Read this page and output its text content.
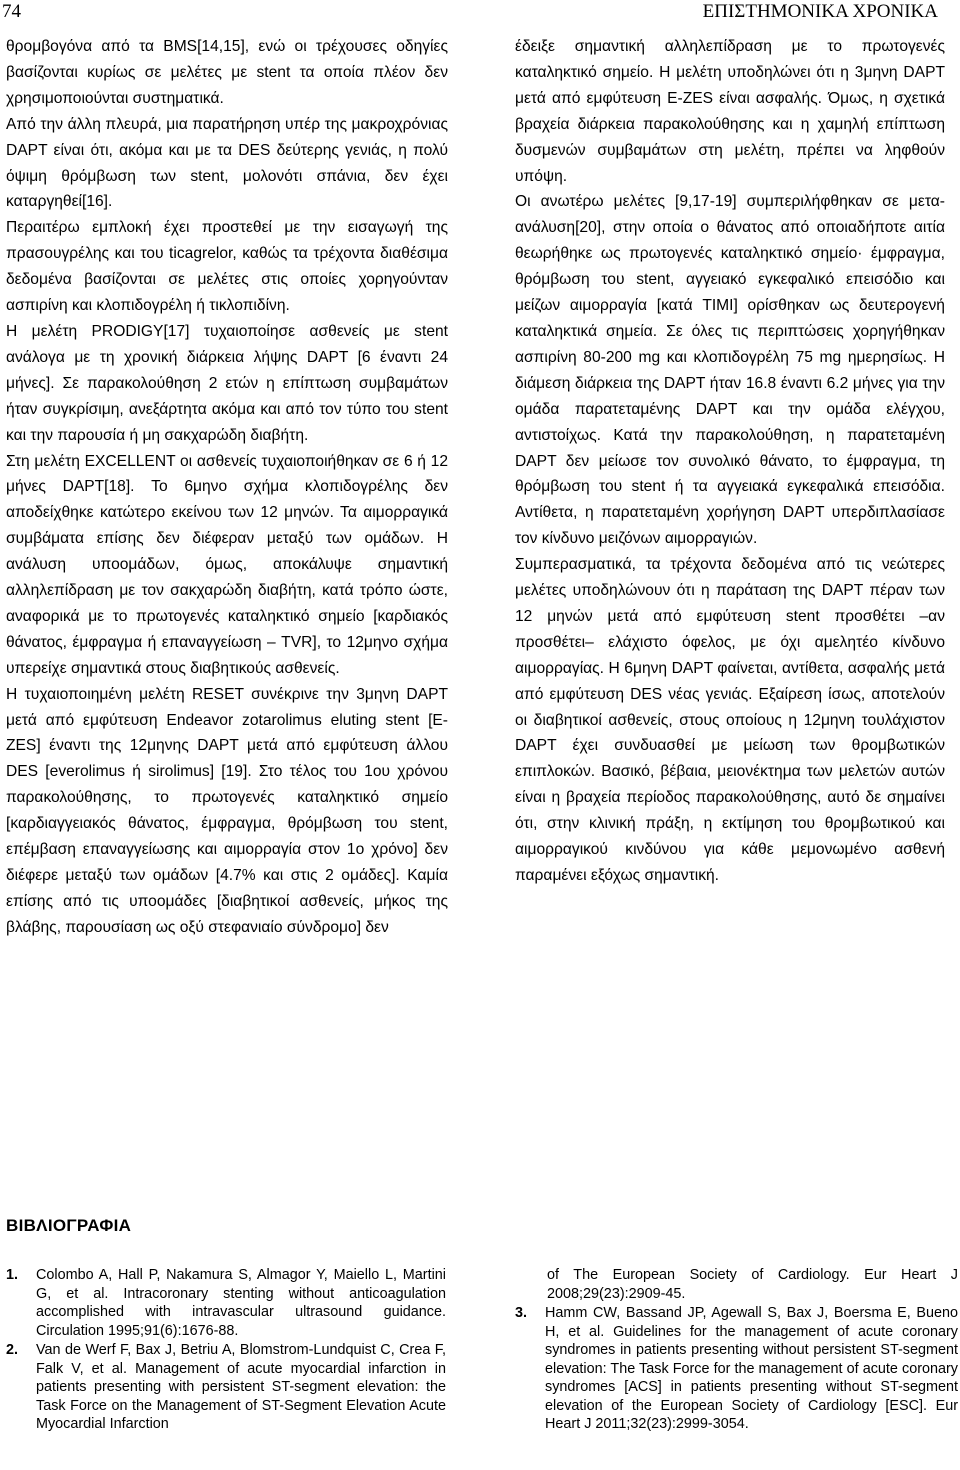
74	ΕΠΙΣΤΗΜΟΝΙΚΑ ΧΡΟΝΙΚΑ

θρομβογόνα από τα BMS[14,15], ενώ οι τρέχουσες οδηγίες βασίζονται κυρίως σε μελέτες με stent τα οποία πλέον δεν χρησιμοποιούνται συστηματικά.

Από την άλλη πλευρά, μια παρατήρηση υπέρ της μακροχρόνιας DAPT είναι ότι, ακόμα και με τα DES δεύτερης γενιάς, η πολύ όψιμη θρόμβωση των stent, μολονότι σπάνια, δεν έχει καταργηθεί[16].

Περαιτέρω εμπλοκή έχει προστεθεί με την εισαγωγή της πρασουγρέλης και του ticagrelor, καθώς τα τρέχοντα διαθέσιμα δεδομένα βασίζονται σε μελέτες στις οποίες χορηγούνταν ασπιρίνη και κλοπιδογρέλη ή τικλοπιδίνη.

Η μελέτη PRODIGY[17] τυχαιοποίησε ασθενείς με stent ανάλογα με τη χρονική διάρκεια λήψης DAPT [6 έναντι 24 μήνες]. Σε παρακολούθηση 2 ετών η επίπτωση συμβαμάτων ήταν συγκρίσιμη, ανεξάρτητα ακόμα και από τον τύπο του stent και την παρουσία ή μη σακχαρώδη διαβήτη.

Στη μελέτη EXCELLENT οι ασθενείς τυχαιοποιήθηκαν σε 6 ή 12 μήνες DAPT[18]. Το 6μηνο σχήμα κλοπιδογρέλης δεν αποδείχθηκε κατώτερο εκείνου των 12 μηνών. Τα αιμορραγικά συμβάματα επίσης δεν διέφεραν μεταξύ των ομάδων. Η ανάλυση υποομάδων, όμως, αποκάλυψε σημαντική αλληλεπίδραση με τον σακχαρώδη διαβήτη, κατά τρόπο ώστε, αναφορικά με το πρωτογενές καταληκτικό σημείο [καρδιακός θάνατος, έμφραγμα ή επαναγγείωση – TVR], το 12μηνο σχήμα υπερείχε σημαντικά στους διαβητικούς ασθενείς.

Η τυχαιοποιημένη μελέτη RESET συνέκρινε την 3μηνη DAPT μετά από εμφύτευση Endeavor zotarolimus eluting stent [E-ZES] έναντι της 12μηνης DAPT μετά από εμφύτευση άλλου DES [everolimus ή sirolimus] [19]. Στο τέλος του 1ου χρόνου παρακολούθησης, το πρωτογενές καταληκτικό σημείο [καρδιαγγειακός θάνατος, έμφραγμα, θρόμβωση του stent, επέμβαση επαναγγείωσης και αιμορραγία στον 1ο χρόνο] δεν διέφερε μεταξύ των ομάδων [4.7% και στις 2 ομάδες]. Καμία επίσης από τις υποομάδες [διαβητικοί ασθενείς, μήκος της βλάβης, παρουσίαση ως οξύ στεφανιαίο σύνδρομο] δεν

έδειξε σημαντική αλληλεπίδραση με το πρωτογενές καταληκτικό σημείο. Η μελέτη υποδηλώνει ότι η 3μηνη DAPT μετά από εμφύτευση E-ZES είναι ασφαλής. Όμως, η σχετικά βραχεία διάρκεια παρακολούθησης και η χαμηλή επίπτωση δυσμενών συμβαμάτων στη μελέτη, πρέπει να ληφθούν υπόψη.

Οι ανωτέρω μελέτες [9,17-19] συμπεριλήφθηκαν σε μετα-ανάλυση[20], στην οποία ο θάνατος από οποιαδήποτε αιτία θεωρήθηκε ως πρωτογενές καταληκτικό σημείο· έμφραγμα, θρόμβωση του stent, αγγειακό εγκεφαλικό επεισόδιο και μείζων αιμορραγία [κατά TIMI] ορίσθηκαν ως δευτερογενή καταληκτικά σημεία. Σε όλες τις περιπτώσεις χορηγήθηκαν ασπιρίνη 80-200 mg και κλοπιδογρέλη 75 mg ημερησίως. Η διάμεση διάρκεια της DAPT ήταν 16.8 έναντι 6.2 μήνες για την ομάδα παρατεταμένης DAPT και την ομάδα ελέγχου, αντιστοίχως. Κατά την παρακολούθηση, η παρατεταμένη DAPT δεν μείωσε τον συνολικό θάνατο, το έμφραγμα, τη θρόμβωση του stent ή τα αγγειακά εγκεφαλικά επεισόδια. Αντίθετα, η παρατεταμένη χορήγηση DAPT υπερδιπλασίασε τον κίνδυνο μειζόνων αιμορραγιών.

Συμπερασματικά, τα τρέχοντα δεδομένα από τις νεώτερες μελέτες υποδηλώνουν ότι η παράταση της DAPT πέραν των 12 μηνών μετά από εμφύτευση stent προσθέτει –αν προσθέτει– ελάχιστο όφελος, με όχι αμελητέο κίνδυνο αιμορραγίας. Η 6μηνη DAPT φαίνεται, αντίθετα, ασφαλής μετά από εμφύτευση DES νέας γενιάς. Εξαίρεση ίσως, αποτελούν οι διαβητικοί ασθενείς, στους οποίους η 12μηνη τουλάχιστον DAPT έχει συνδυασθεί με μείωση των θρομβωτικών επιπλοκών. Βασικό, βέβαια, μειονέκτημα των μελετών αυτών είναι η βραχεία περίοδος παρακολούθησης, αυτό δε σημαίνει ότι, στην κλινική πράξη, η εκτίμηση του θρομβωτικού και αιμορραγικού κινδύνου για κάθε μεμονωμένο ασθενή παραμένει εξόχως σημαντική.

ΒΙΒΛΙΟΓΡΑΦΙΑ
1. Colombo A, Hall P, Nakamura S, Almagor Y, Maiello L, Martini G, et al. Intracoronary stenting without anticoagulation accomplished with intravascular ultrasound guidance. Circulation 1995;91(6):1676-88.
2. Van de Werf F, Bax J, Betriu A, Blomstrom-Lundquist C, Crea F, Falk V, et al. Management of acute myocardial infarction in patients presenting with persistent ST-segment elevation: the Task Force on the Management of ST-Segment Elevation Acute Myocardial Infarction
of The European Society of Cardiology. Eur Heart J 2008;29(23):2909-45.
3. Hamm CW, Bassand JP, Agewall S, Bax J, Boersma E, Bueno H, et al. Guidelines for the management of acute coronary syndromes in patients presenting without persistent ST-segment elevation: The Task Force for the management of acute coronary syndromes [ACS] in patients presenting without ST-segment elevation of the European Society of Cardiology [ESC]. Eur Heart J 2011;32(23):2999-3054.
